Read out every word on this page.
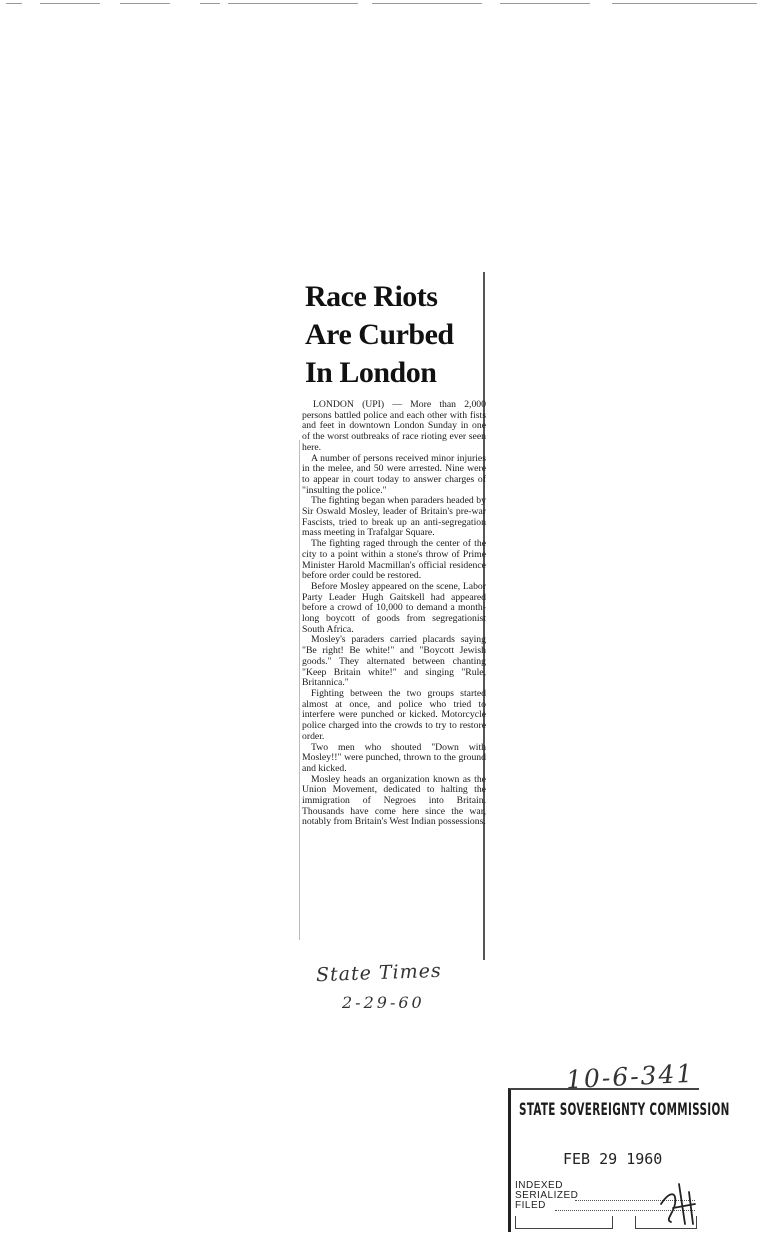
Race Riots
Are Curbed
In London

LONDON (UPI) — More than 2,000 persons battled police and each other with fists and feet in downtown London Sunday in one of the worst outbreaks of race rioting ever seen here.

A number of persons received minor injuries in the melee, and 50 were arrested. Nine were to appear in court today to answer charges of "insulting the police."

The fighting began when paraders headed by Sir Oswald Mosley, leader of Britain's pre-war Fascists, tried to break up an anti-segregation mass meeting in Trafalgar Square.

The fighting raged through the center of the city to a point within a stone's throw of Prime Minister Harold Macmillan's official residence before order could be restored.

Before Mosley appeared on the scene, Labor Party Leader Hugh Gaitskell had appeared before a crowd of 10,000 to demand a month-long boycott of goods from segregationist South Africa.

Mosley's paraders carried placards saying "Be right! Be white!" and "Boycott Jewish goods." They alternated between chanting "Keep Britain white!" and singing "Rule, Britannica."

Fighting between the two groups started almost at once, and police who tried to interfere were punched or kicked. Motorcycle police charged into the crowds to try to restore order.

Two men who shouted "Down with Mosley!!" were punched, thrown to the ground and kicked.

Mosley heads an organization known as the Union Movement, dedicated to halting the immigration of Negroes into Britain. Thousands have come here since the war, notably from Britain's West Indian possessions.

State Times
2-29-60
10-6-341
STATE SOVEREIGNTY COMMISSION
FEB 29 1960
INDEXED
SERIALIZED
FILED
